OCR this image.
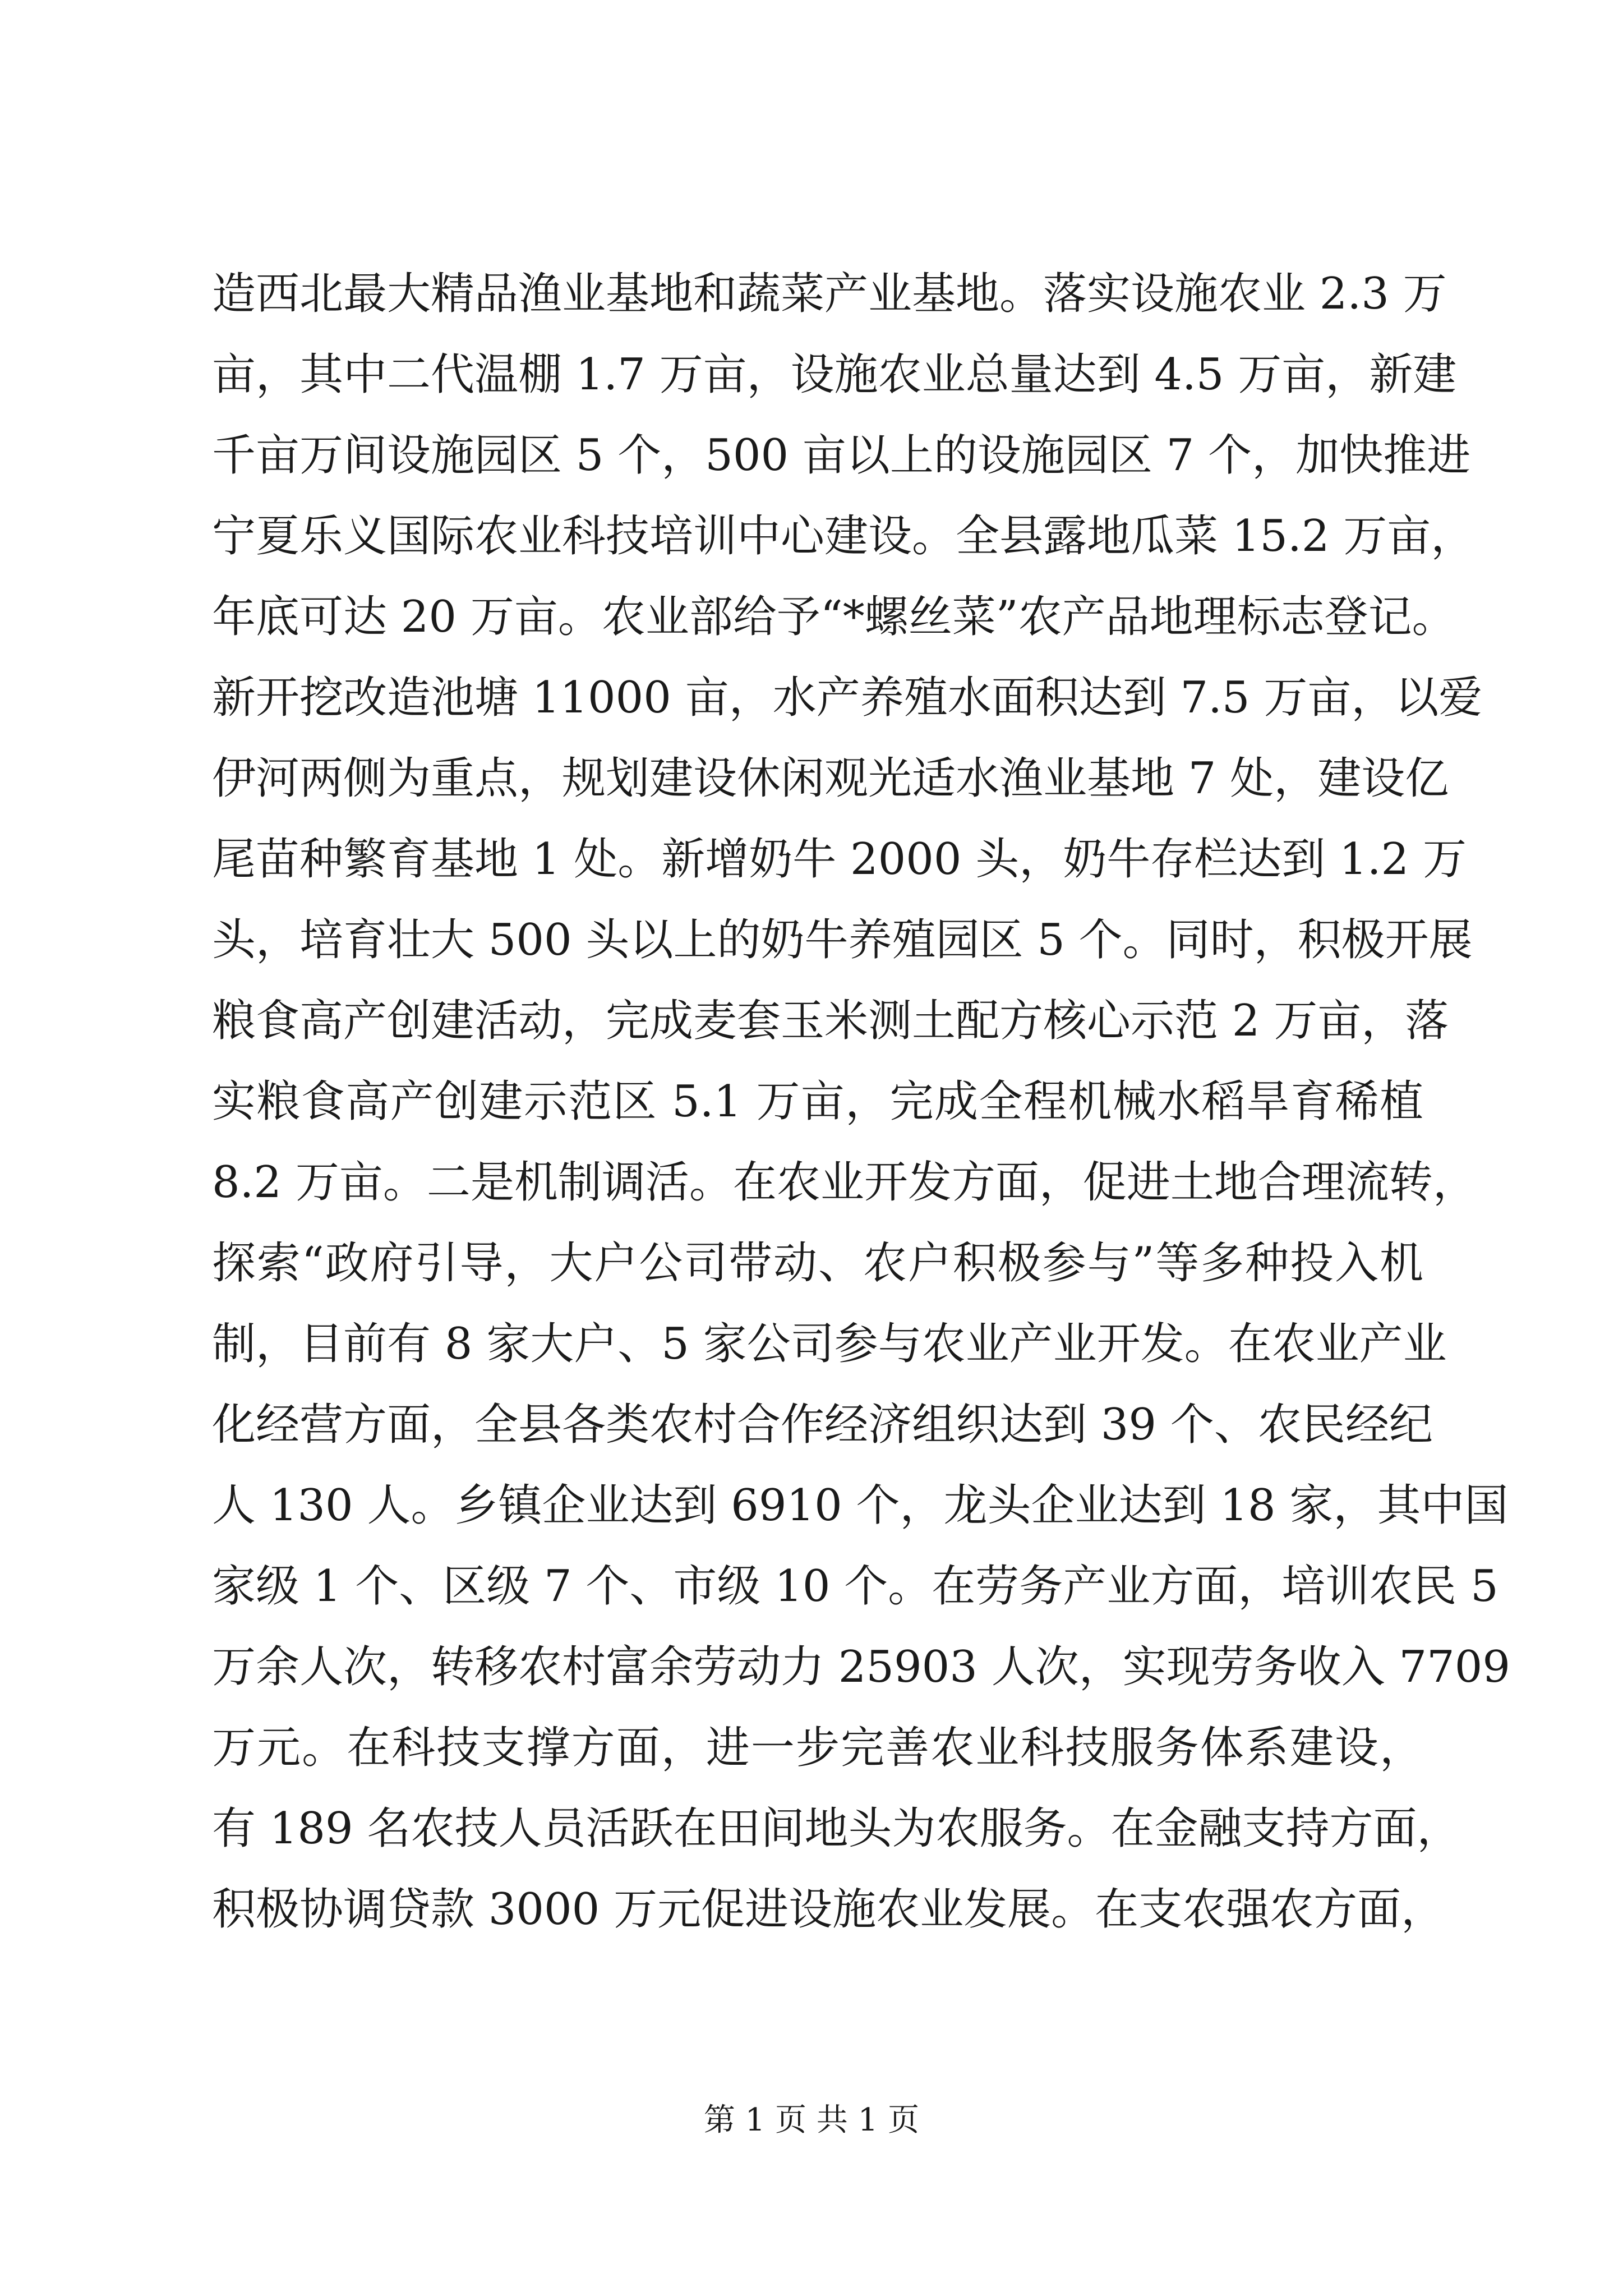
造西北最大精品渔业基地和蔬菜产业基地。落实设施农业 2.3 万
亩，其中二代温棚 1.7 万亩，设施农业总量达到 4.5 万亩，新建
千亩万间设施园区 5 个，500 亩以上的设施园区 7 个，加快推进
宁夏乐义国际农业科技培训中心建设。全县露地瓜菜 15.2 万亩，
年底可达 20 万亩。农业部给予“*螺丝菜”农产品地理标志登记。
新开挖改造池塘 11000 亩，水产养殖水面积达到 7.5 万亩，以爱
伊河两侧为重点，规划建设休闲观光适水渔业基地 7 处，建设亿
尾苗种繁育基地 1 处。新增奶牛 2000 头，奶牛存栏达到 1.2 万
头，培育壮大 500 头以上的奶牛养殖园区 5 个。同时，积极开展
粮食高产创建活动，完成麦套玉米测土配方核心示范 2 万亩，落
实粮食高产创建示范区 5.1 万亩，完成全程机械水稻旱育稀植
8.2 万亩。二是机制调活。在农业开发方面，促进土地合理流转，
探索“政府引导，大户公司带动、农户积极参与”等多种投入机
制，目前有 8 家大户、5 家公司参与农业产业开发。在农业产业
化经营方面，全县各类农村合作经济组织达到 39 个、农民经纪
人 130 人。乡镇企业达到 6910 个，龙头企业达到 18 家，其中国
家级 1 个、区级 7 个、市级 10 个。在劳务产业方面，培训农民 5
万余人次，转移农村富余劳动力 25903 人次，实现劳务收入 7709
万元。在科技支撑方面，进一步完善农业科技服务体系建设，
有 189 名农技人员活跃在田间地头为农服务。在金融支持方面，
积极协调贷款 3000 万元促进设施农业发展。在支农强农方面，
第 1 页 共 1 页
